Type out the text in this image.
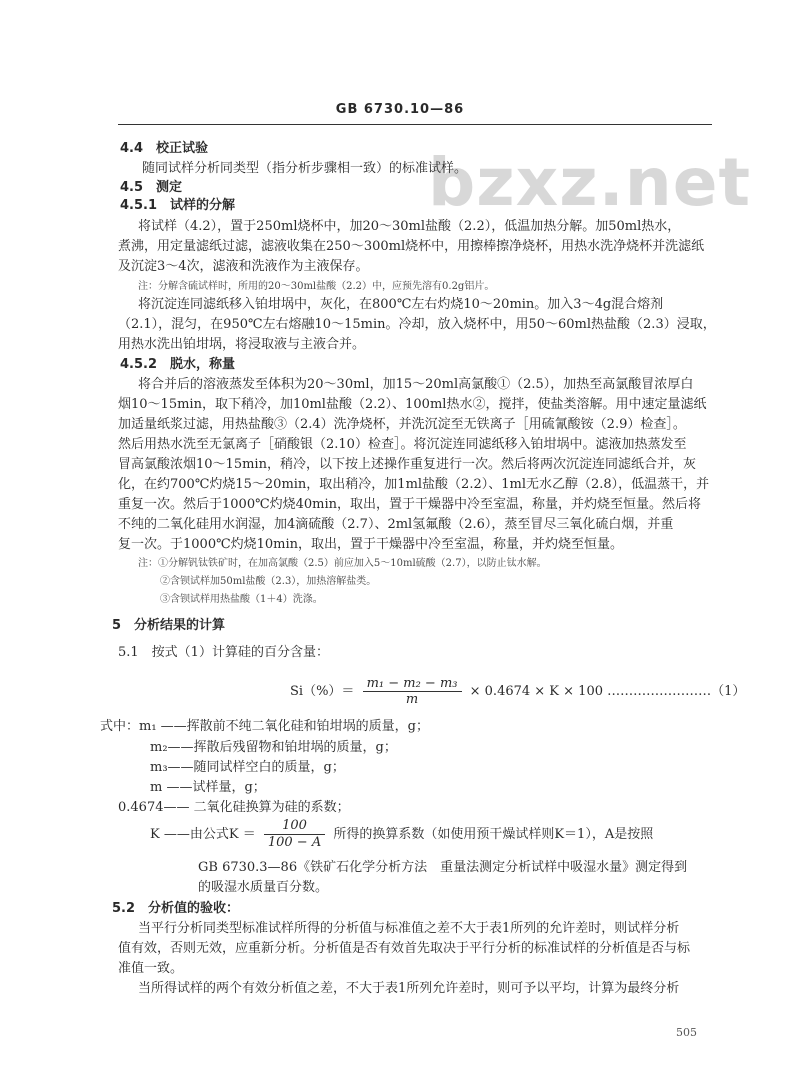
bzxz.net
GB 6730.10—86
4.4　校正试验
随同试样分析同类型（指分析步骤相一致）的标准试样。
4.5　测定
4.5.1　试样的分解
将试样（4.2），置于250ml烧杯中，加20～30ml盐酸（2.2），低温加热分解。加50ml热水，
煮沸，用定量滤纸过滤，滤液收集在250～300ml烧杯中，用擦棒擦净烧杯，用热水洗净烧杯并洗滤纸
及沉淀3～4次，滤液和洗液作为主液保存。
注：分解含硫试样时，所用的20～30ml盐酸（2.2）中，应预先溶有0.2g铝片。
将沉淀连同滤纸移入铂坩埚中，灰化，在800℃左右灼烧10～20min。加入3～4g混合熔剂
（2.1），混匀，在950℃左右熔融10～15min。冷却，放入烧杯中，用50～60ml热盐酸（2.3）浸取，
用热水洗出铂坩埚，将浸取液与主液合并。
4.5.2　脱水，称量
将合并后的溶液蒸发至体积为20～30ml，加15～20ml高氯酸①（2.5），加热至高氯酸冒浓厚白
烟10～15min，取下稍冷，加10ml盐酸（2.2）、100ml热水②，搅拌，使盐类溶解。用中速定量滤纸
加适量纸浆过滤，用热盐酸③（2.4）洗净烧杯，并洗沉淀至无铁离子［用硫氰酸铵（2.9）检查］。
然后用热水洗至无氯离子［硝酸银（2.10）检查］。将沉淀连同滤纸移入铂坩埚中。滤液加热蒸发至
冒高氯酸浓烟10～15min，稍冷，以下按上述操作重复进行一次。然后将两次沉淀连同滤纸合并，灰
化，在约700℃灼烧15～20min，取出稍冷，加1ml盐酸（2.2）、1ml无水乙醇（2.8），低温蒸干，并
重复一次。然后于1000℃灼烧40min，取出，置于干燥器中冷至室温，称量，并灼烧至恒量。然后将
不纯的二氧化硅用水润湿，加4滴硫酸（2.7）、2ml氢氟酸（2.6），蒸至冒尽三氧化硫白烟，并重
复一次。于1000℃灼烧10min，取出，置于干燥器中冷至室温，称量，并灼烧至恒量。
注：①分解钒钛铁矿时，在加高氯酸（2.5）前应加入5～10ml硫酸（2.7），以防止钛水解。
②含钡试样加50ml盐酸（2.3），加热溶解盐类。
③含钡试样用热盐酸（1＋4）洗涤。
5　分析结果的计算
5.1　按式（1）计算硅的百分含量：
$Si(\%)= \frac{\text{m₁ − m₂ − m₃}}{m} \times 0.4674 \times K \times 100$ ……………………（1）
式中：m₁ ——挥散前不纯二氧化硅和铂坩埚的质量，g；
m₂——挥散后残留物和铂坩埚的质量，g；
m₃——随同试样空白的质量，g；
m ——试样量，g；
0.4674—— 二氧化硅换算为硅的系数；
K ——由公式$K = \frac{100}{100 - A}$ 所得的换算系数（如使用预干燥试样则K＝1），A是按照
GB 6730.3—86《铁矿石化学分析方法　重量法测定分析试样中吸湿水量》测定得到
的吸湿水质量百分数。
5.2　分析值的验收：
当平行分析同类型标准试样所得的分析值与标准值之差不大于表1所列的允许差时，则试样分析
值有效，否则无效，应重新分析。分析值是否有效首先取决于平行分析的标准试样的分析值是否与标
准值一致。
当所得试样的两个有效分析值之差，不大于表1所列允许差时，则可予以平均，计算为最终分析
505
